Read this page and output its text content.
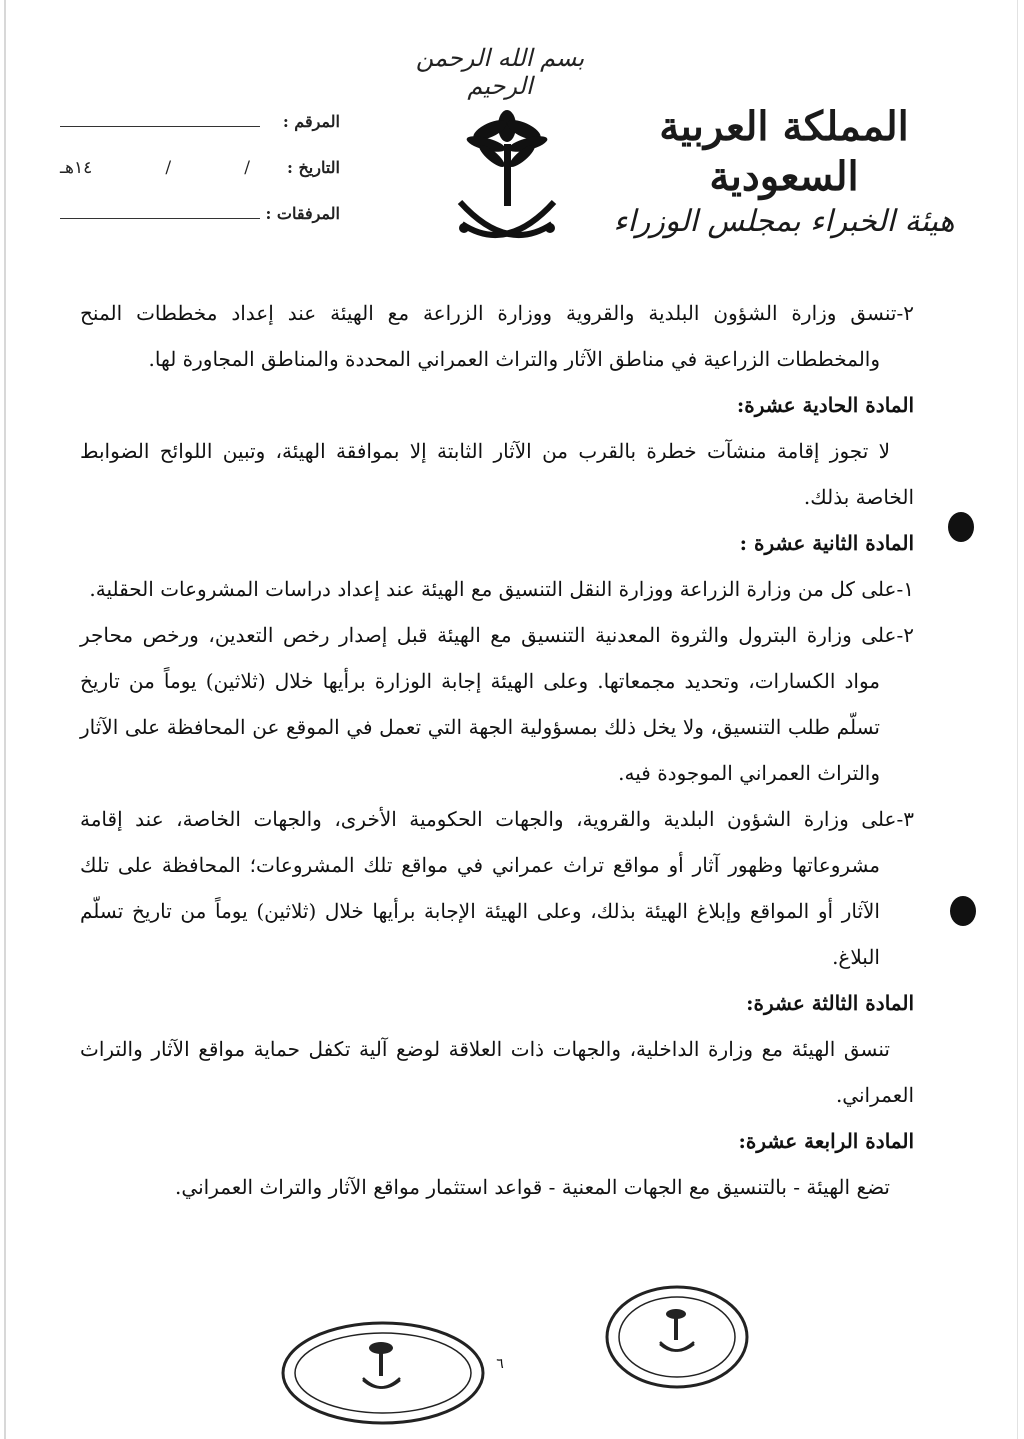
بسم الله الرحمن الرحيم
المملكة العربية السعودية
هيئة الخبراء بمجلس الوزراء
المرقم :
التاريخ :
/
/
١٤هـ
المرفقات :

٢-تنسق وزارة الشؤون البلدية والقروية ووزارة الزراعة مع الهيئة عند إعداد مخططات المنح والمخططات الزراعية في مناطق الآثار والتراث العمراني المحددة والمناطق المجاورة لها.

المادة الحادية عشرة:

لا تجوز إقامة منشآت خطرة بالقرب من الآثار الثابتة إلا بموافقة الهيئة، وتبين اللوائح الضوابط الخاصة بذلك.

المادة الثانية عشرة :

١-على كل من وزارة الزراعة ووزارة النقل التنسيق مع الهيئة عند إعداد دراسات المشروعات الحقلية.

٢-على وزارة البترول والثروة المعدنية التنسيق مع الهيئة قبل إصدار رخص التعدين، ورخص محاجر مواد الكسارات، وتحديد مجمعاتها. وعلى الهيئة إجابة الوزارة برأيها خلال (ثلاثين) يوماً من تاريخ تسلّم طلب التنسيق، ولا يخل ذلك بمسؤولية الجهة التي تعمل في الموقع عن المحافظة على الآثار والتراث العمراني الموجودة فيه.

٣-على وزارة الشؤون البلدية والقروية، والجهات الحكومية الأخرى، والجهات الخاصة، عند إقامة مشروعاتها وظهور آثار أو مواقع تراث عمراني في مواقع تلك المشروعات؛ المحافظة على تلك الآثار أو المواقع وإبلاغ الهيئة بذلك، وعلى الهيئة الإجابة برأيها خلال (ثلاثين) يوماً من تاريخ تسلّم البلاغ.

المادة الثالثة عشرة:

تنسق الهيئة مع وزارة الداخلية، والجهات ذات العلاقة لوضع آلية تكفل حماية مواقع الآثار والتراث العمراني.

المادة الرابعة عشرة:

تضع الهيئة - بالتنسيق مع الجهات المعنية - قواعد استثمار مواقع الآثار والتراث العمراني.

٦
